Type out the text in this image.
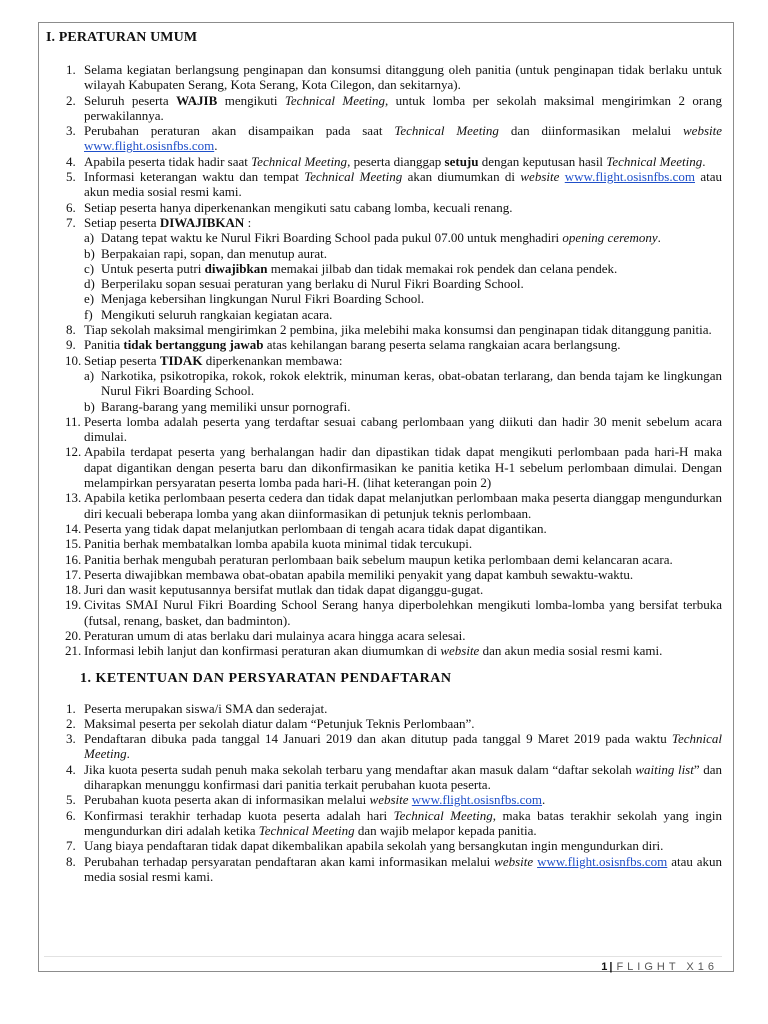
I. PERATURAN UMUM
1. Selama kegiatan berlangsung penginapan dan konsumsi ditanggung oleh panitia (untuk penginapan tidak berlaku untuk wilayah Kabupaten Serang, Kota Serang, Kota Cilegon, dan sekitarnya).
2. Seluruh peserta WAJIB mengikuti Technical Meeting, untuk lomba per sekolah maksimal mengirimkan 2 orang perwakilannya.
3. Perubahan peraturan akan disampaikan pada saat Technical Meeting dan diinformasikan melalui website www.flight.osisnfbs.com.
4. Apabila peserta tidak hadir saat Technical Meeting, peserta dianggap setuju dengan keputusan hasil Technical Meeting.
5. Informasi keterangan waktu dan tempat Technical Meeting akan diumumkan di website www.flight.osisnfbs.com atau akun media sosial resmi kami.
6. Setiap peserta hanya diperkenankan mengikuti satu cabang lomba, kecuali renang.
7. Setiap peserta DIWAJIBKAN :
a) Datang tepat waktu ke Nurul Fikri Boarding School pada pukul 07.00 untuk menghadiri opening ceremony.
b) Berpakaian rapi, sopan, dan menutup aurat.
c) Untuk peserta putri diwajibkan memakai jilbab dan tidak memakai rok pendek dan celana pendek.
d) Berperilaku sopan sesuai peraturan yang berlaku di Nurul Fikri Boarding School.
e) Menjaga kebersihan lingkungan Nurul Fikri Boarding School.
f) Mengikuti seluruh rangkaian kegiatan acara.
8. Tiap sekolah maksimal mengirimkan 2 pembina, jika melebihi maka konsumsi dan penginapan tidak ditanggung panitia.
9. Panitia tidak bertanggung jawab atas kehilangan barang peserta selama rangkaian acara berlangsung.
10. Setiap peserta TIDAK diperkenankan membawa:
a) Narkotika, psikotropika, rokok, rokok elektrik, minuman keras, obat-obatan terlarang, dan benda tajam ke lingkungan Nurul Fikri Boarding School.
b) Barang-barang yang memiliki unsur pornografi.
11. Peserta lomba adalah peserta yang terdaftar sesuai cabang perlombaan yang diikuti dan hadir 30 menit sebelum acara dimulai.
12. Apabila terdapat peserta yang berhalangan hadir dan dipastikan tidak dapat mengikuti perlombaan pada hari-H maka dapat digantikan dengan peserta baru dan dikonfirmasikan ke panitia ketika H-1 sebelum perlombaan dimulai. Dengan melampirkan persyaratan peserta lomba pada hari-H. (lihat keterangan poin 2)
13. Apabila ketika perlombaan peserta cedera dan tidak dapat melanjutkan perlombaan maka peserta dianggap mengundurkan diri kecuali beberapa lomba yang akan diinformasikan di petunjuk teknis perlombaan.
14. Peserta yang tidak dapat melanjutkan perlombaan di tengah acara tidak dapat digantikan.
15. Panitia berhak membatalkan lomba apabila kuota minimal tidak tercukupi.
16. Panitia berhak mengubah peraturan perlombaan baik sebelum maupun ketika perlombaan demi kelancaran acara.
17. Peserta diwajibkan membawa obat-obatan apabila memiliki penyakit yang dapat kambuh sewaktu-waktu.
18. Juri dan wasit keputusannya bersifat mutlak dan tidak dapat diganggu-gugat.
19. Civitas SMAI Nurul Fikri Boarding School Serang hanya diperbolehkan mengikuti lomba-lomba yang bersifat terbuka (futsal, renang, basket, dan badminton).
20. Peraturan umum di atas berlaku dari mulainya acara hingga acara selesai.
21. Informasi lebih lanjut dan konfirmasi peraturan akan diumumkan di website dan akun media sosial resmi kami.
1. KETENTUAN DAN PERSYARATAN PENDAFTARAN
1. Peserta merupakan siswa/i SMA dan sederajat.
2. Maksimal peserta per sekolah diatur dalam “Petunjuk Teknis Perlombaan”.
3. Pendaftaran dibuka pada tanggal 14 Januari 2019 dan akan ditutup pada tanggal 9 Maret 2019 pada waktu Technical Meeting.
4. Jika kuota peserta sudah penuh maka sekolah terbaru yang mendaftar akan masuk dalam “daftar sekolah waiting list” dan diharapkan menunggu konfirmasi dari panitia terkait perubahan kuota peserta.
5. Perubahan kuota peserta akan di informasikan melalui website www.flight.osisnfbs.com.
6. Konfirmasi terakhir terhadap kuota peserta adalah hari Technical Meeting, maka batas terakhir sekolah yang ingin mengundurkan diri adalah ketika Technical Meeting dan wajib melapor kepada panitia.
7. Uang biaya pendaftaran tidak dapat dikembalikan apabila sekolah yang bersangkutan ingin mengundurkan diri.
8. Perubahan terhadap persyaratan pendaftaran akan kami informasikan melalui website www.flight.osisnfbs.com atau akun media sosial resmi kami.
1 | FLIGHT X16
